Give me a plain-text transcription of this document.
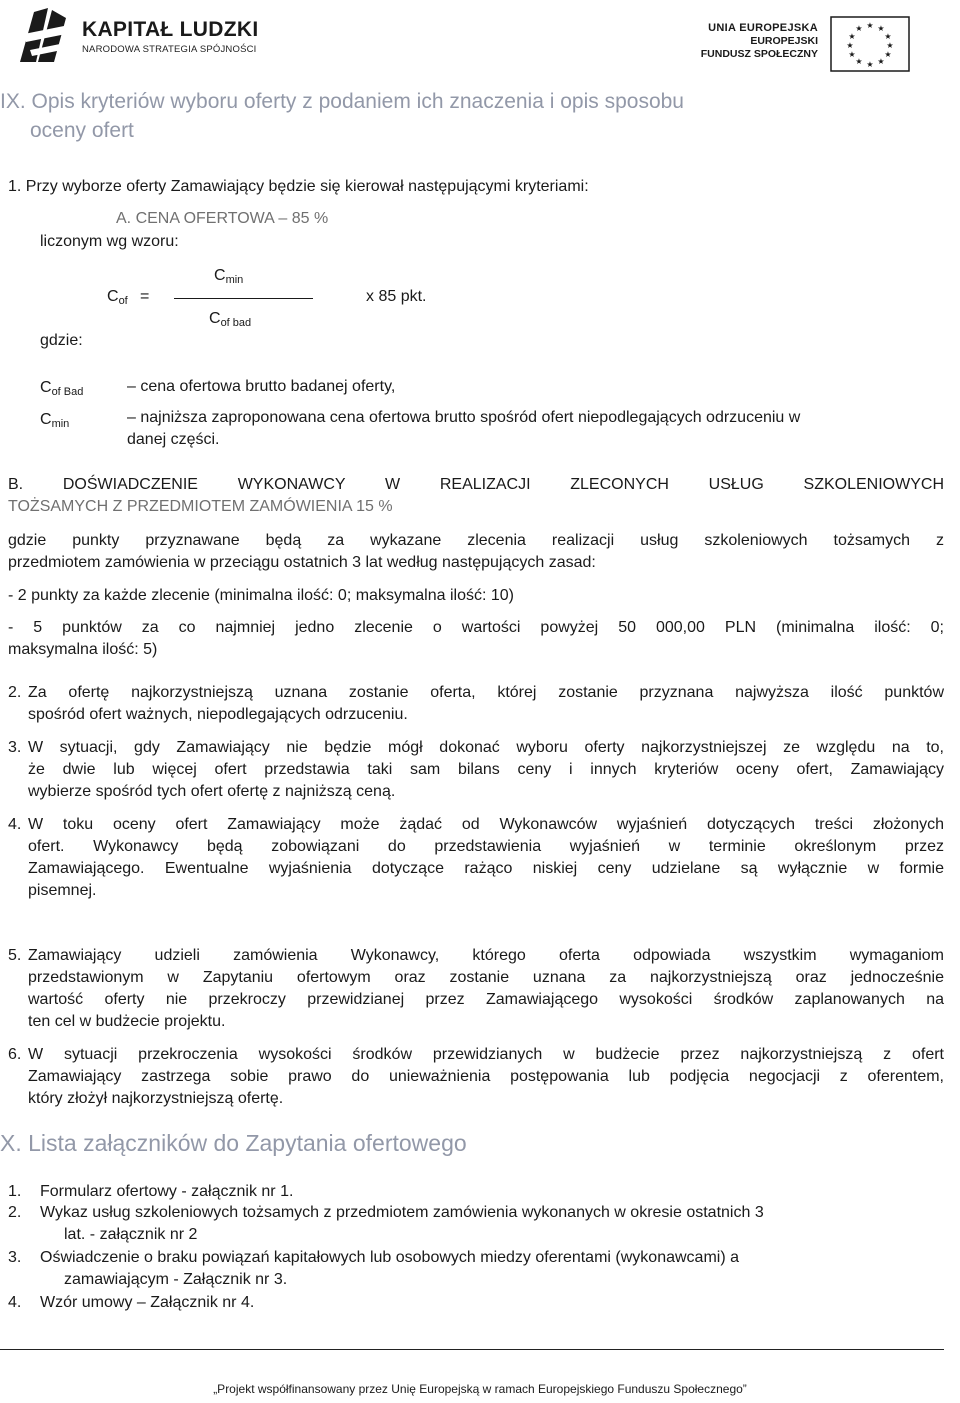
KAPITAŁ LUDZKI
NARODOWA STRATEGIA SPÓJNOŚCI
UNIA EUROPEJSKA
EUROPEJSKI
FUNDUSZ SPOŁECZNY
★ ★
★
★
★
★
★
★
★
★
★
★
IX. Opis kryteriów wyboru oferty z podaniem ich znaczenia i opis sposobu
oceny ofert
1. Przy wyborze oferty Zamawiający będzie się kierował następującymi kryteriami:
A. CENA OFERTOWA – 85 %
liczonym wg wzoru:
Cmin
Cof =	x 85 pkt.
Cof bad
gdzie:
Cof Bad	– cena ofertowa brutto badanej oferty,
Cmin	– najniższa zaproponowana cena ofertowa brutto spośród ofert niepodlegających odrzuceniu w
danej części.
B. DOŚWIADCZENIE WYKONAWCY W REALIZACJI ZLECONYCH USŁUG SZKOLENIOWYCH
TOŻSAMYCH Z PRZEDMIOTEM ZAMÓWIENIA 15 %
gdzie punkty przyznawane będą za wykazane zlecenia realizacji usług szkoleniowych tożsamych z
przedmiotem zamówienia w przeciągu ostatnich 3 lat według następujących zasad:
- 2 punkty za każde zlecenie (minimalna ilość: 0; maksymalna ilość: 10)
- 5 punktów za co najmniej jedno zlecenie o wartości powyżej 50 000,00 PLN (minimalna ilość: 0;
maksymalna ilość: 5)
2. Za ofertę najkorzystniejszą uznana zostanie oferta, której zostanie przyznana najwyższa ilość punktów
spośród ofert ważnych, niepodlegających odrzuceniu.
3. W sytuacji, gdy Zamawiający nie będzie mógł dokonać wyboru oferty najkorzystniejszej ze względu na to,
że dwie lub więcej ofert przedstawia taki sam bilans ceny i innych kryteriów oceny ofert, Zamawiający
wybierze spośród tych ofert ofertę z najniższą ceną.
4. W toku oceny ofert Zamawiający może żądać od Wykonawców wyjaśnień dotyczących treści złożonych
ofert. Wykonawcy będą zobowiązani do przedstawienia wyjaśnień w terminie określonym przez
Zamawiającego. Ewentualne wyjaśnienia dotyczące rażąco niskiej ceny udzielane są wyłącznie w formie
pisemnej.
5. Zamawiający udzieli zamówienia Wykonawcy, którego oferta odpowiada wszystkim wymaganiom
przedstawionym w Zapytaniu ofertowym oraz zostanie uznana za najkorzystniejszą oraz jednocześnie
wartość oferty nie przekroczy przewidzianej przez Zamawiającego wysokości środków zaplanowanych na
ten cel w budżecie projektu.
6. W sytuacji przekroczenia wysokości środków przewidzianych w budżecie przez najkorzystniejszą z ofert
Zamawiający zastrzega sobie prawo do unieważnienia postępowania lub podjęcia negocjacji z oferentem,
który złożył najkorzystniejszą ofertę.
X. Lista załączników do Zapytania ofertowego
1. Formularz ofertowy - załącznik nr 1.
2. Wykaz usług szkoleniowych tożsamych z przedmiotem zamówienia wykonanych w okresie ostatnich 3
lat. - załącznik nr 2
3. Oświadczenie o braku powiązań kapitałowych lub osobowych miedzy oferentami (wykonawcami) a
zamawiającym - Załącznik nr 3.
4. Wzór umowy – Załącznik nr 4.
„Projekt współfinansowany przez Unię Europejską w ramach Europejskiego Funduszu Społecznego”
